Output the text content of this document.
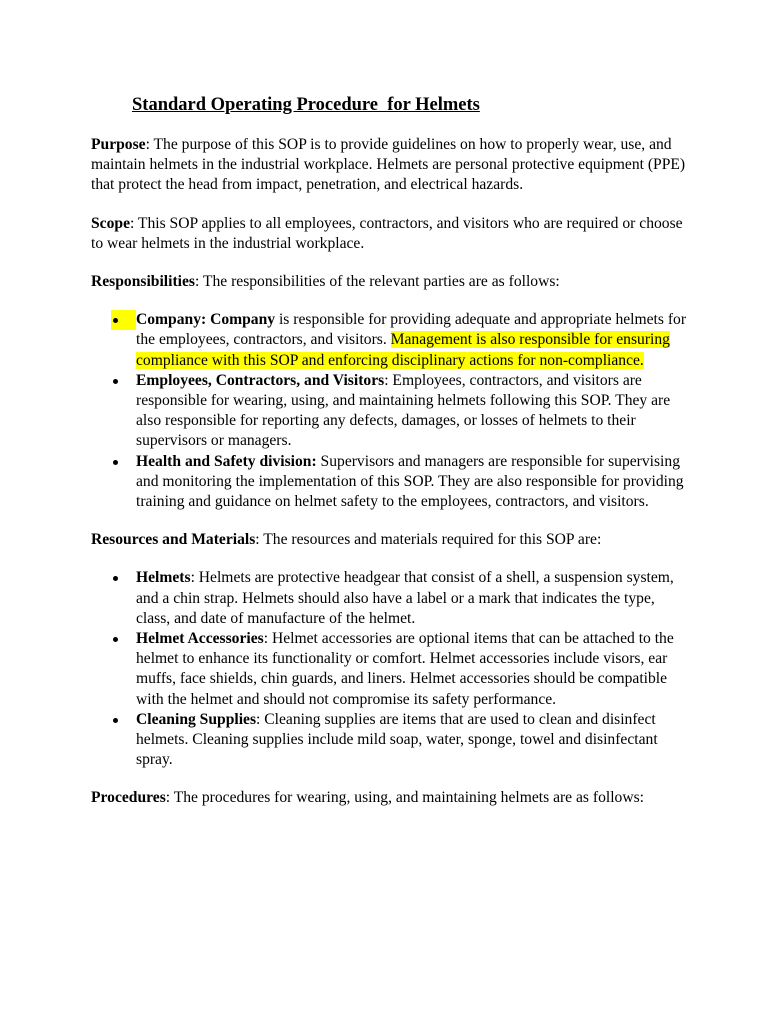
Standard Operating Procedure  for Helmets

Purpose: The purpose of this SOP is to provide guidelines on how to properly wear, use, and maintain helmets in the industrial workplace. Helmets are personal protective equipment (PPE) that protect the head from impact, penetration, and electrical hazards.

Scope: This SOP applies to all employees, contractors, and visitors who are required or choose to wear helmets in the industrial workplace.

Responsibilities: The responsibilities of the relevant parties are as follows:

Company: Company is responsible for providing adequate and appropriate helmets for the employees, contractors, and visitors. Management is also responsible for ensuring compliance with this SOP and enforcing disciplinary actions for non-compliance.
Employees, Contractors, and Visitors: Employees, contractors, and visitors are responsible for wearing, using, and maintaining helmets following this SOP. They are also responsible for reporting any defects, damages, or losses of helmets to their supervisors or managers.
Health and Safety division: Supervisors and managers are responsible for supervising and monitoring the implementation of this SOP. They are also responsible for providing training and guidance on helmet safety to the employees, contractors, and visitors.

Resources and Materials: The resources and materials required for this SOP are:

Helmets: Helmets are protective headgear that consist of a shell, a suspension system, and a chin strap. Helmets should also have a label or a mark that indicates the type, class, and date of manufacture of the helmet.
Helmet Accessories: Helmet accessories are optional items that can be attached to the helmet to enhance its functionality or comfort. Helmet accessories include visors, ear muffs, face shields, chin guards, and liners. Helmet accessories should be compatible with the helmet and should not compromise its safety performance.
Cleaning Supplies: Cleaning supplies are items that are used to clean and disinfect helmets. Cleaning supplies include mild soap, water, sponge, towel and disinfectant spray.

Procedures: The procedures for wearing, using, and maintaining helmets are as follows:
